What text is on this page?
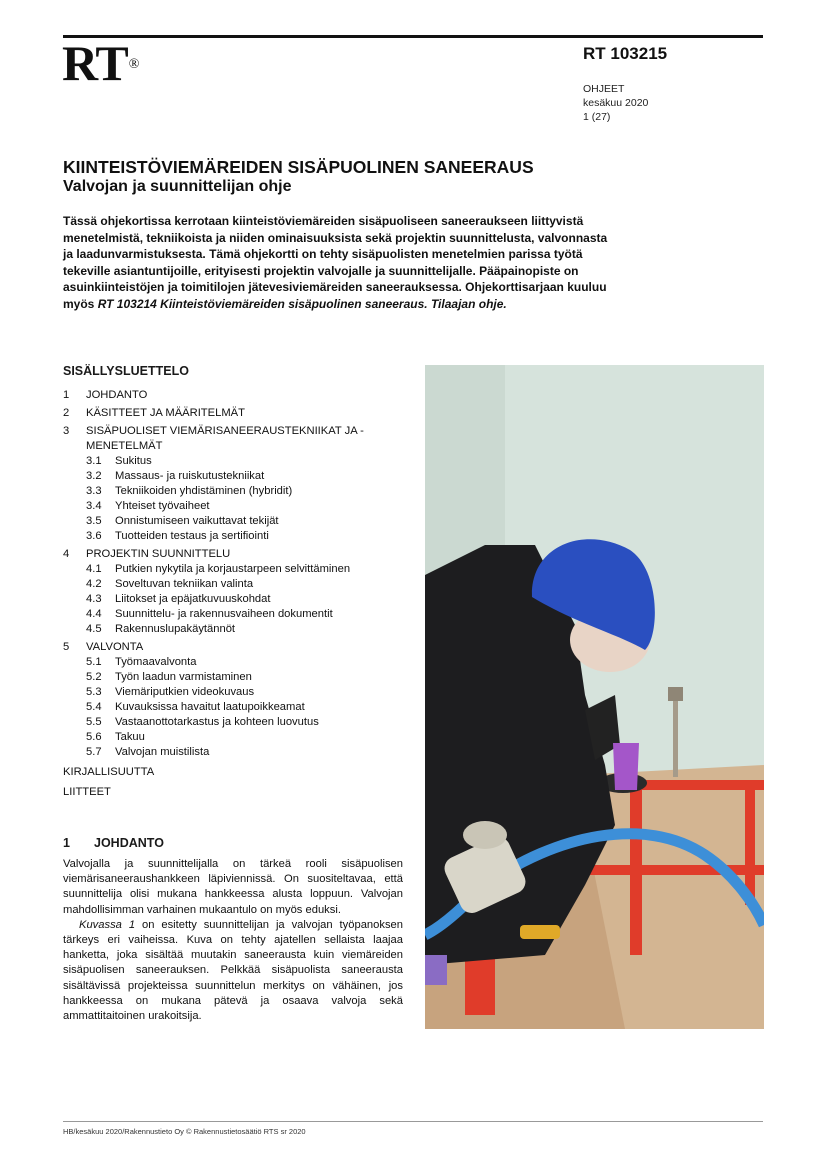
RT®
RT 103215
OHJEET
kesäkuu 2020
1 (27)
KIINTEISTÖVIEMÄREIDEN SISÄPUOLINEN SANEERAUS
Valvojan ja suunnittelijan ohje
Tässä ohjekortissa kerrotaan kiinteistöviemäreiden sisäpuoliseen saneeraukseen liittyvistä menetelmistä, tekniikoista ja niiden ominaisuuksista sekä projektin suunnittelusta, valvonnasta ja laadunvarmistuksesta. Tämä ohjekortti on tehty sisäpuolisten menetelmien parissa työtä tekeville asiantuntijoille, erityisesti projektin valvojalle ja suunnittelijalle. Pääpainopiste on asuinkiinteistöjen ja toimitilojen jätevesiviemäreiden saneerauksessa. Ohjekorttisarjaan kuuluu myös RT 103214 Kiinteistöviemäreiden sisäpuolinen saneeraus. Tilaajan ohje.
SISÄLLYSLUETTELO
1	JOHDANTO
2	KÄSITTEET JA MÄÄRITELMÄT
3	SISÄPUOLISET VIEMÄRISANEERAUSTEKNIIKAT JA -MENETELMÄT
3.1	Sukitus
3.2	Massaus- ja ruiskutustekniikat
3.3	Tekniikoiden yhdistäminen (hybridit)
3.4	Yhteiset työvaiheet
3.5	Onnistumiseen vaikuttavat tekijät
3.6	Tuotteiden testaus ja sertifiointi
4	PROJEKTIN SUUNNITTELU
4.1	Putkien nykytila ja korjaustarpeen selvittäminen
4.2	Soveltuvan tekniikan valinta
4.3	Liitokset ja epäjatkuvuuskohdat
4.4	Suunnittelu- ja rakennusvaiheen dokumentit
4.5	Rakennuslupakäytännöt
5	VALVONTA
5.1	Työmaavalvonta
5.2	Työn laadun varmistaminen
5.3	Viemäriputkien videokuvaus
5.4	Kuvauksissa havaitut laatupoikkeamat
5.5	Vastaanottotarkastus ja kohteen luovutus
5.6	Takuu
5.7	Valvojan muistilista
KIRJALLISUUTTA
LIITTEET
1	JOHDANTO

Valvojalla ja suunnittelijalla on tärkeä rooli sisäpuolisen viemärisaneeraushankkeen läpiviennissä. On suositeltavaa, että suunnittelija olisi mukana hankkeessa alusta loppuun. Valvojan mahdollisimman varhainen mukaantulo on myös eduksi.

Kuvassa 1 on esitetty suunnittelijan ja valvojan työpanoksen tärkeys eri vaiheissa. Kuva on tehty ajatellen sellaista laajaa hanketta, joka sisältää muutakin saneerausta kuin viemäreiden sisäpuolisen saneerauksen. Pelkkää sisäpuolista saneerausta sisältävissä projekteissa suunnittelun merkitys on vähäinen, jos hankkeessa on mukana pätevä ja osaava valvoja sekä ammattitaitoinen urakoitsija.

HB/kesäkuu 2020/Rakennustieto Oy © Rakennustietosäätiö RTS sr 2020
